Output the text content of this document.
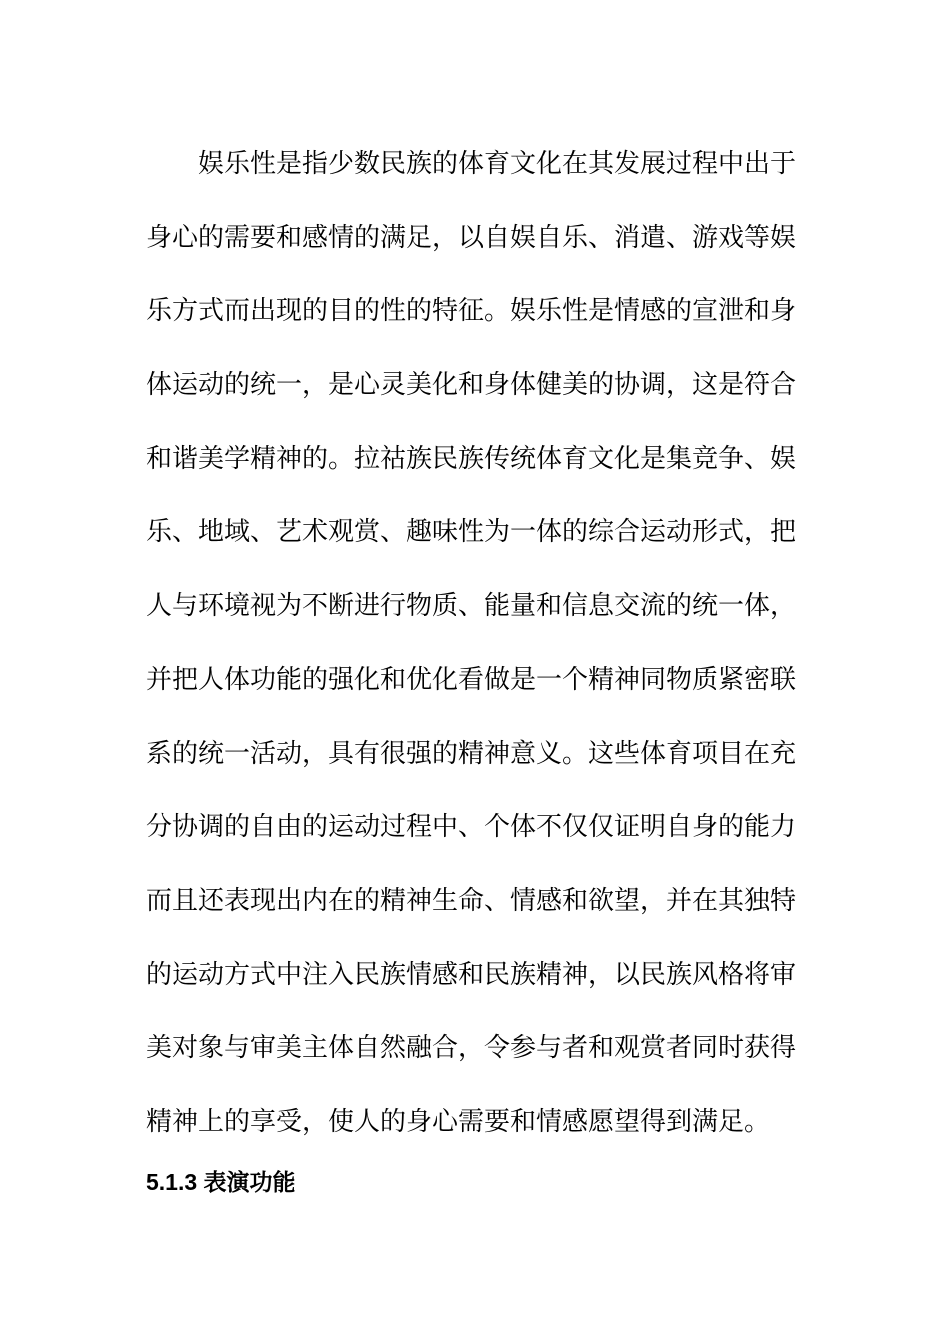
娱乐性是指少数民族的体育文化在其发展过程中出于
身心的需要和感情的满足，以自娱自乐、消遣、游戏等娱
乐方式而出现的目的性的特征。娱乐性是情感的宣泄和身
体运动的统一，是心灵美化和身体健美的协调，这是符合
和谐美学精神的。拉祜族民族传统体育文化是集竞争、娱
乐、地域、艺术观赏、趣味性为一体的综合运动形式，把
人与环境视为不断进行物质、能量和信息交流的统一体，
并把人体功能的强化和优化看做是一个精神同物质紧密联
系的统一活动，具有很强的精神意义。这些体育项目在充
分协调的自由的运动过程中、个体不仅仅证明自身的能力
而且还表现出内在的精神生命、情感和欲望，并在其独特
的运动方式中注入民族情感和民族精神，以民族风格将审
美对象与审美主体自然融合，令参与者和观赏者同时获得
精神上的享受，使人的身心需要和情感愿望得到满足。

5.1.3 表演功能
